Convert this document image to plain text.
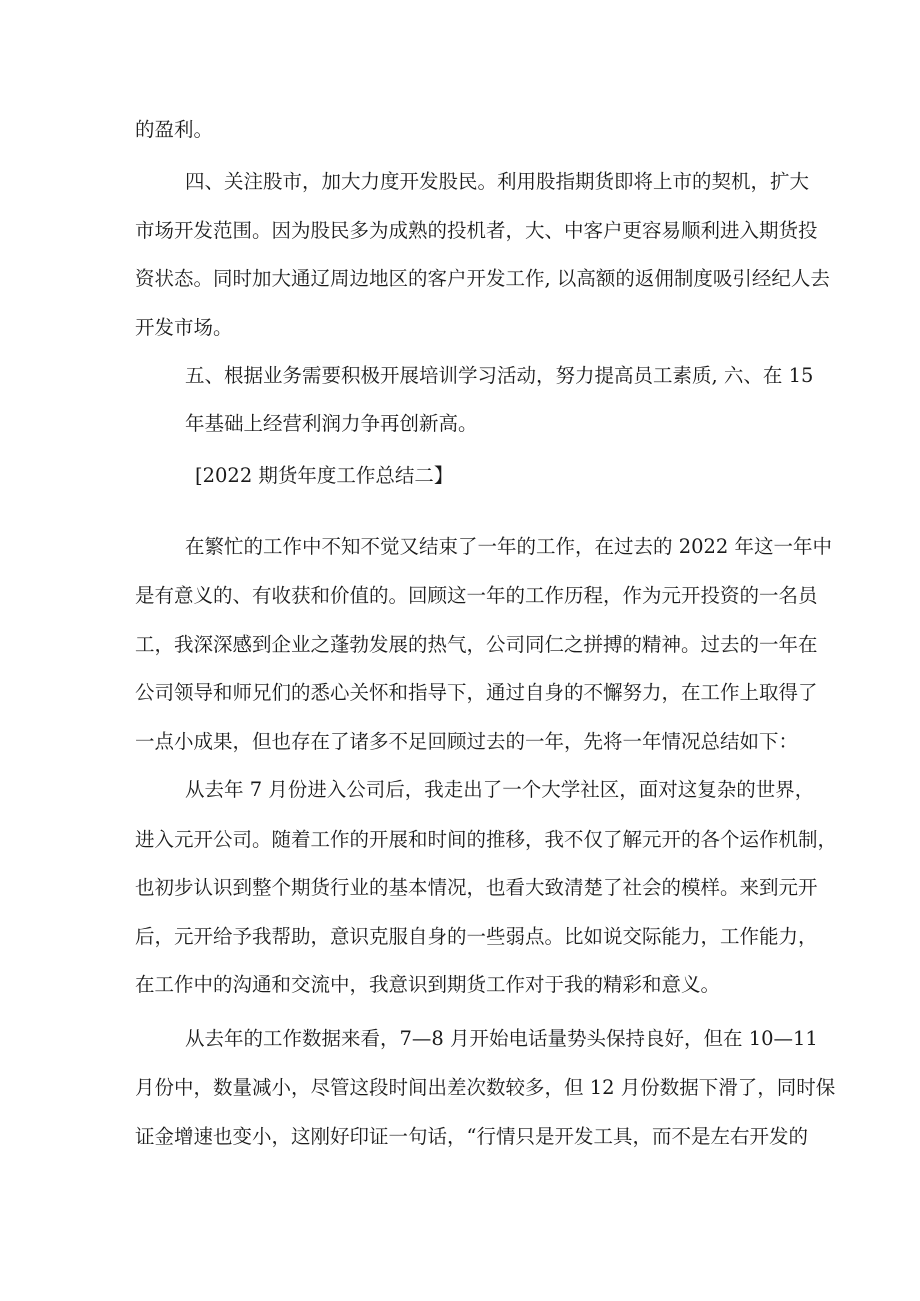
的盈利。
四、关注股市，加大力度开发股民。利用股指期货即将上市的契机，扩大
市场开发范围。因为股民多为成熟的投机者，大、中客户更容易顺利进入期货投
资状态。同时加大通辽周边地区的客户开发工作, 以高额的返佣制度吸引经纪人去
开发市场。
五、根据业务需要积极开展培训学习活动，努力提高员工素质, 六、在 15
年基础上经营利润力争再创新高。
[2022 期货年度工作总结二】
在繁忙的工作中不知不觉又结束了一年的工作，在过去的 2022 年这一年中
是有意义的、有收获和价值的。回顾这一年的工作历程，作为元开投资的一名员
工，我深深感到企业之蓬勃发展的热气，公司同仁之拼搏的精神。过去的一年在
公司领导和师兄们的悉心关怀和指导下，通过自身的不懈努力，在工作上取得了
一点小成果，但也存在了诸多不足回顾过去的一年，先将一年情况总结如下：
从去年 7 月份进入公司后，我走出了一个大学社区，面对这复杂的世界，
进入元开公司。随着工作的开展和时间的推移，我不仅了解元开的各个运作机制，
也初步认识到整个期货行业的基本情况，也看大致清楚了社会的模样。来到元开
后，元开给予我帮助，意识克服自身的一些弱点。比如说交际能力，工作能力，
在工作中的沟通和交流中，我意识到期货工作对于我的精彩和意义。
从去年的工作数据来看，7—8 月开始电话量势头保持良好，但在 10—11
月份中，数量减小，尽管这段时间出差次数较多，但 12 月份数据下滑了，同时保
证金增速也变小，这刚好印证一句话，“行情只是开发工具，而不是左右开发的
